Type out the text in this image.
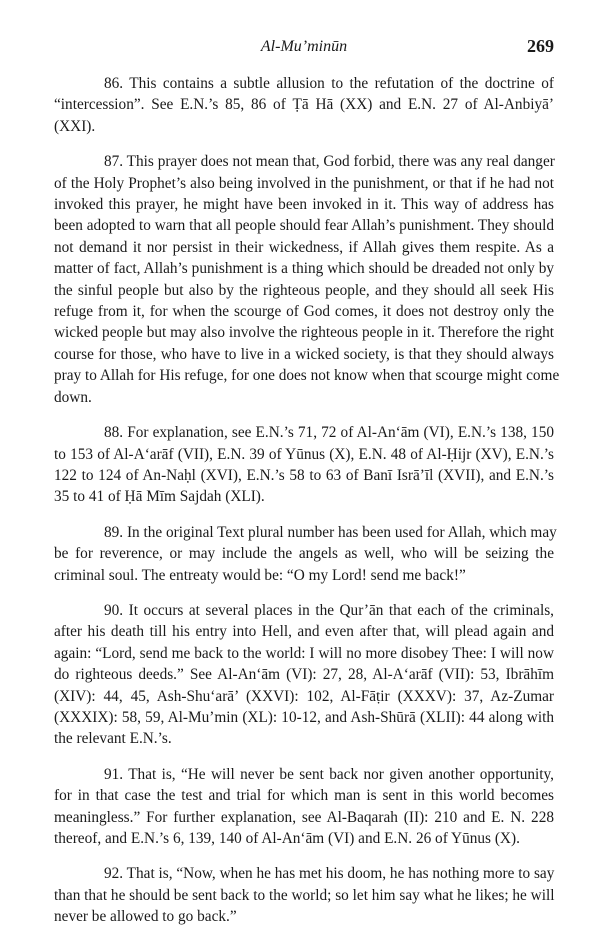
Al-Mu’minūn	269
86. This contains a subtle allusion to the refutation of the doctrine of
“intercession”. See E.N.’s 85, 86 of Ṭā Hā (XX) and E.N. 27 of Al-Anbiyā’
(XXI).
87. This prayer does not mean that, God forbid, there was any real danger
of the Holy Prophet’s also being involved in the punishment, or that if he had not
invoked this prayer, he might have been invoked in it. This way of address has
been adopted to warn that all people should fear Allah’s punishment. They should
not demand it nor persist in their wickedness, if Allah gives them respite. As a
matter of fact, Allah’s punishment is a thing which should be dreaded not only by
the sinful people but also by the righteous people, and they should all seek His
refuge from it, for when the scourge of God comes, it does not destroy only the
wicked people but may also involve the righteous people in it. Therefore the right
course for those, who have to live in a wicked society, is that they should always
pray to Allah for His refuge, for one does not know when that scourge might come
down.
88. For explanation, see E.N.’s 71, 72 of Al-An‘ām (VI), E.N.’s 138, 150
to 153 of Al-A‘arāf (VII), E.N. 39 of Yūnus (X), E.N. 48 of Al-Ḥijr (XV), E.N.’s
122 to 124 of An-Naḥl (XVI), E.N.’s 58 to 63 of Banī Isrā’īl (XVII), and E.N.’s
35 to 41 of Ḥā Mīm Sajdah (XLI).
89. In the original Text plural number has been used for Allah, which may
be for reverence, or may include the angels as well, who will be seizing the
criminal soul. The entreaty would be: “O my Lord! send me back!”
90. It occurs at several places in the Qur’ān that each of the criminals,
after his death till his entry into Hell, and even after that, will plead again and
again: “Lord, send me back to the world: I will no more disobey Thee: I will now
do righteous deeds.” See Al-An‘ām (VI): 27, 28, Al-A‘arāf (VII): 53, Ibrāhīm
(XIV): 44, 45, Ash-Shu‘arā’ (XXVI): 102, Al-Fāṭir (XXXV): 37, Az-Zumar
(XXXIX): 58, 59, Al-Mu’min (XL): 10-12, and Ash-Shūrā (XLII): 44 along with
the relevant E.N.’s.
91. That is, “He will never be sent back nor given another opportunity,
for in that case the test and trial for which man is sent in this world becomes
meaningless.” For further explanation, see Al-Baqarah (II): 210 and E. N. 228
thereof, and E.N.’s 6, 139, 140 of Al-An‘ām (VI) and E.N. 26 of Yūnus (X).
92. That is, “Now, when he has met his doom, he has nothing more to say
than that he should be sent back to the world; so let him say what he likes; he will
never be allowed to go back.”
